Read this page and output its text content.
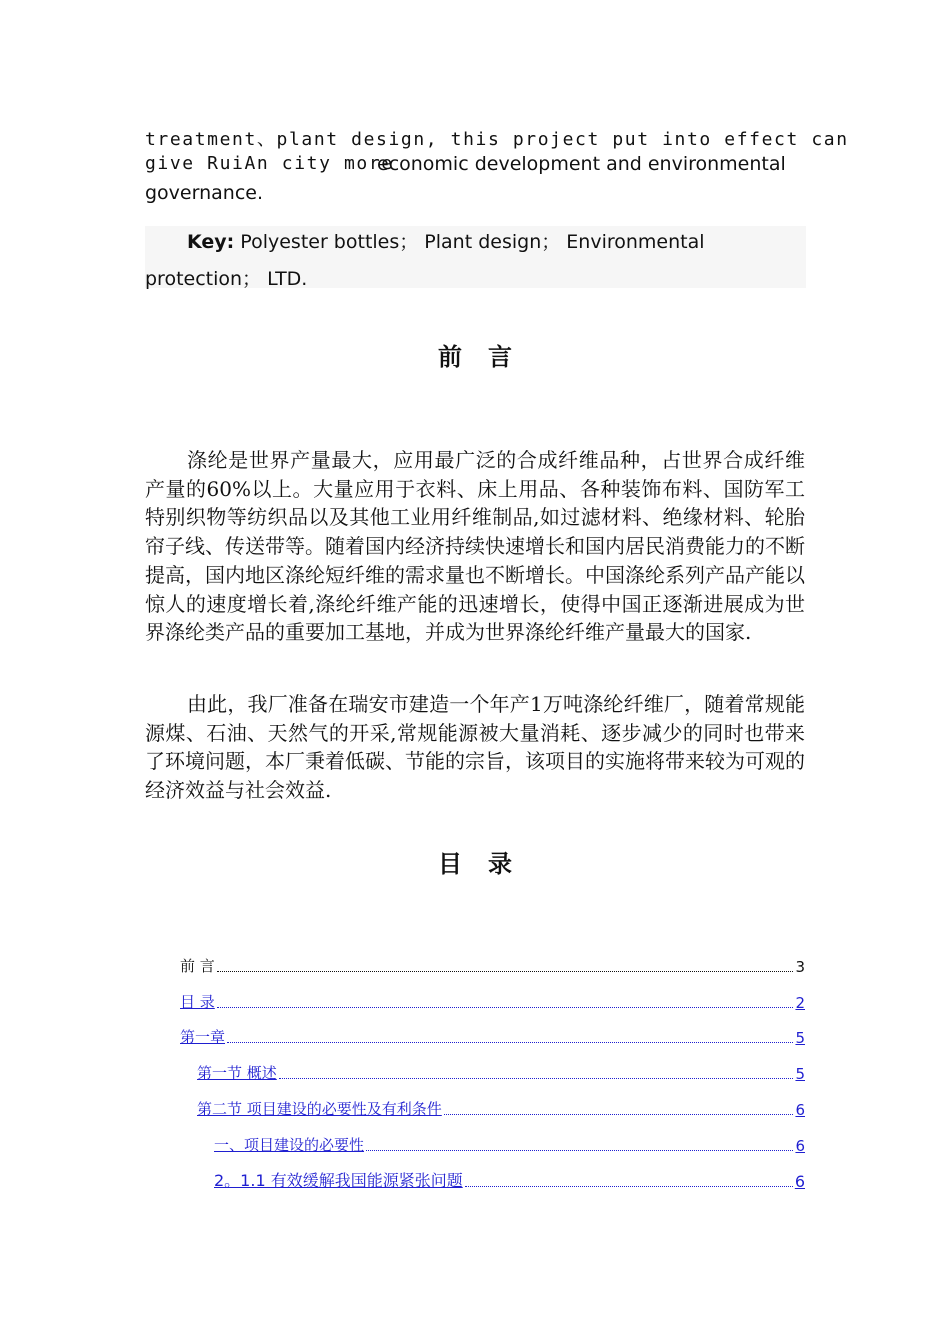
treatment、plant design, this project put into effect can
give RuiAn city more
economic development and environmental
governance.
Key: Polyester bottles； Plant design； Environmental
protection； LTD.
前言

涤纶是世界产量最大，应用最广泛的合成纤维品种，占世界合成纤维产量的60%以上。大量应用于衣料、床上用品、各种装饰布料、国防军工特别织物等纺织品以及其他工业用纤维制品,如过滤材料、绝缘材料、轮胎帘子线、传送带等。随着国内经济持续快速增长和国内居民消费能力的不断提高，国内地区涤纶短纤维的需求量也不断增长。中国涤纶系列产品产能以惊人的速度增长着,涤纶纤维产能的迅速增长，使得中国正逐渐进展成为世界涤纶类产品的重要加工基地，并成为世界涤纶纤维产量最大的国家.

由此，我厂准备在瑞安市建造一个年产1万吨涤纶纤维厂，随着常规能源煤、石油、天然气的开采,常规能源被大量消耗、逐步减少的同时也带来了环境问题，本厂秉着低碳、节能的宗旨，该项目的实施将带来较为可观的经济效益与社会效益.

目录
前 言	3
目 录	2
第一章	5
第一节 概述	5
第二节 项目建设的必要性及有利条件	6
一、项目建设的必要性	6
2。1.1 有效缓解我国能源紧张问题	6
